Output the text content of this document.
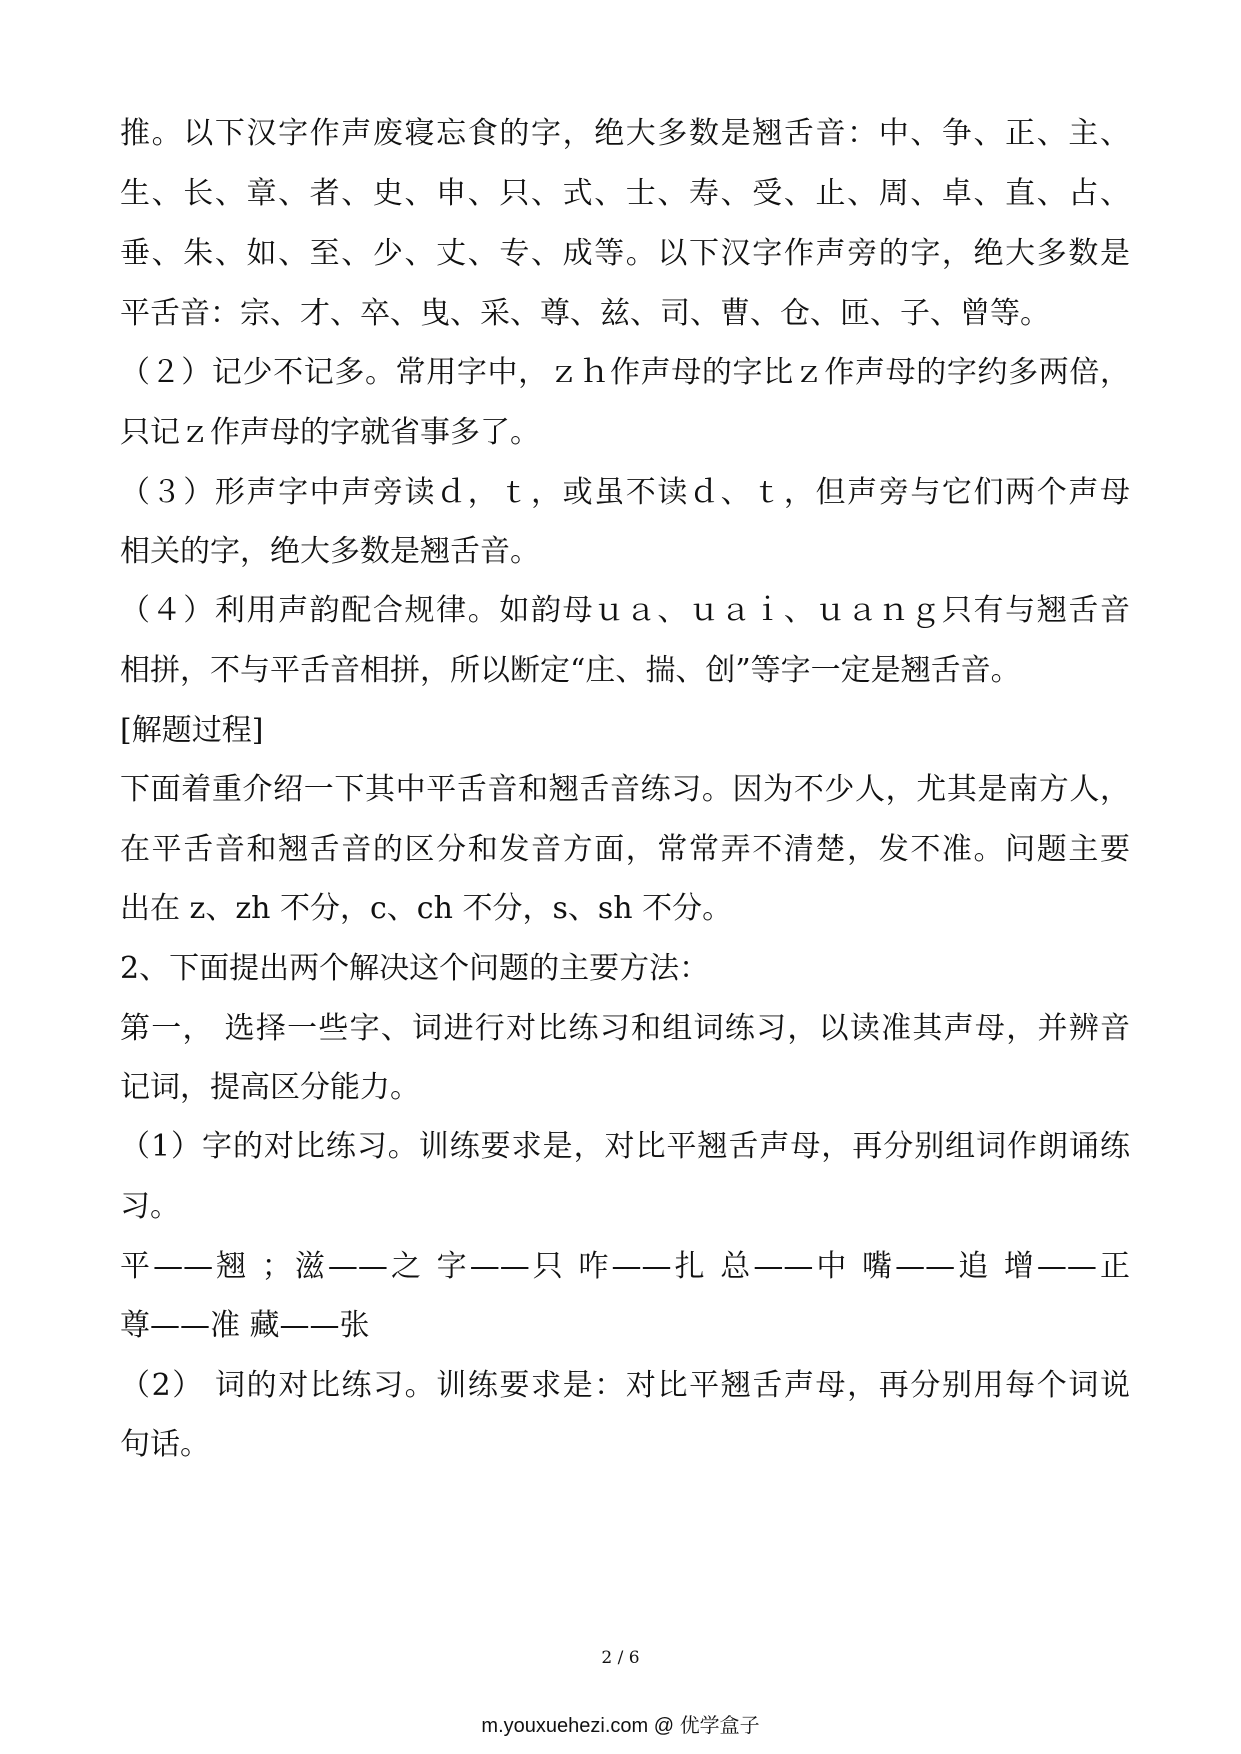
推。以下汉字作声废寝忘食的字，绝大多数是翘舌音：中、争、正、主、
生、长、章、者、史、申、只、式、士、寿、受、止、周、卓、直、占、
垂、朱、如、至、少、丈、专、成等。以下汉字作声旁的字，绝大多数是
平舌音：宗、才、卒、曳、采、尊、兹、司、曹、仓、匝、子、曾等。
（２）记少不记多。常用字中，ｚｈ作声母的字比ｚ作声母的字约多两倍，
只记ｚ作声母的字就省事多了。
（３）形声字中声旁读ｄ，ｔ，或虽不读ｄ、ｔ，但声旁与它们两个声母
相关的字，绝大多数是翘舌音。
（４）利用声韵配合规律。如韵母ｕａ、ｕａｉ、ｕａｎｇ只有与翘舌音
相拼，不与平舌音相拼，所以断定“庄、揣、创”等字一定是翘舌音。
[解题过程]
下面着重介绍一下其中平舌音和翘舌音练习。因为不少人，尤其是南方人，
在平舌音和翘舌音的区分和发音方面，常常弄不清楚，发不准。问题主要
出在 z、zh 不分，c、ch 不分，s、sh 不分。
2、下面提出两个解决这个问题的主要方法：
第一， 选择一些字、词进行对比练习和组词练习，以读准其声母，并辨音
记词，提高区分能力。
（1）字的对比练习。训练要求是，对比平翘舌声母，再分别组词作朗诵练
习。
平——翘 ；滋——之 字——只 咋——扎 总——中 嘴——追 增——正
尊——准 藏——张
（2） 词的对比练习。训练要求是：对比平翘舌声母，再分别用每个词说
句话。
2 / 6
m.youxuehezi.com @ 优学盒子
